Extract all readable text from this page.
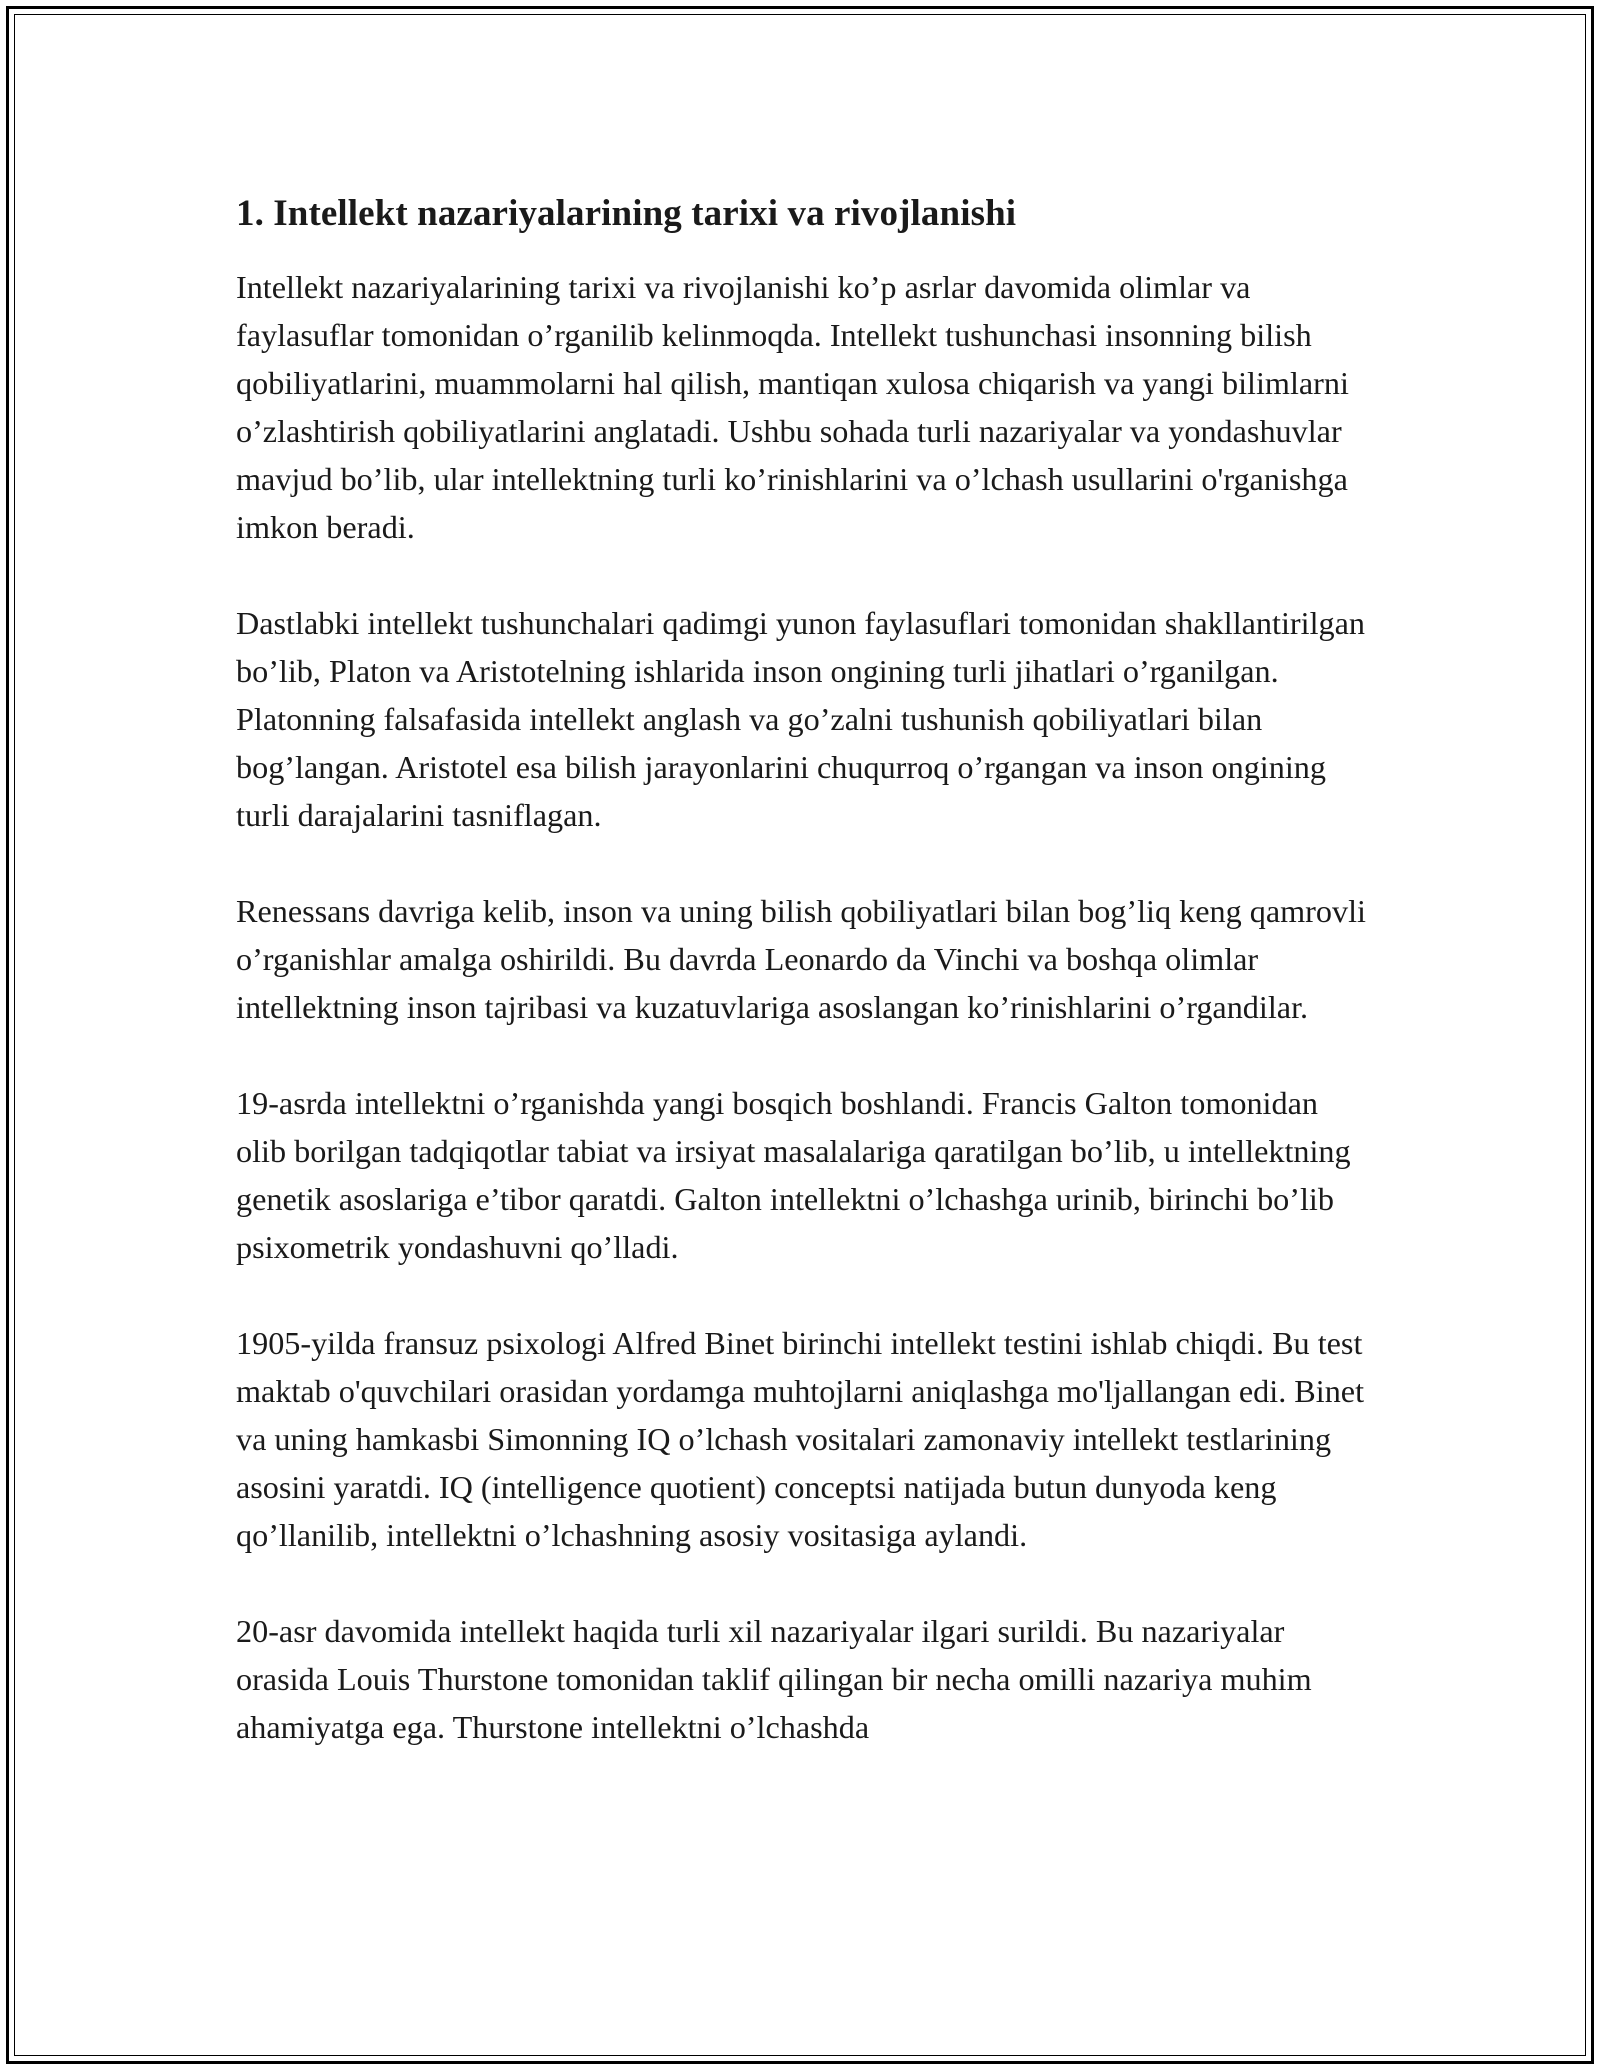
1. Intellekt nazariyalarining tarixi va rivojlanishi

Intellekt nazariyalarining tarixi va rivojlanishi ko’p asrlar davomida olimlar va faylasuflar tomonidan o’rganilib kelinmoqda. Intellekt tushunchasi insonning bilish qobiliyatlarini, muammolarni hal qilish, mantiqan xulosa chiqarish va yangi bilimlarni o’zlashtirish qobiliyatlarini anglatadi. Ushbu sohada turli nazariyalar va yondashuvlar mavjud bo’lib, ular intellektning turli ko’rinishlarini va o’lchash usullarini o'rganishga imkon beradi.

Dastlabki intellekt tushunchalari qadimgi yunon faylasuflari tomonidan shakllantirilgan bo’lib, Platon va Aristotelning ishlarida inson ongining turli jihatlari o’rganilgan. Platonning falsafasida intellekt anglash va go’zalni tushunish qobiliyatlari bilan bog’langan. Aristotel esa bilish jarayonlarini chuqurroq o’rgangan va inson ongining turli darajalarini tasniflagan.

Renessans davriga kelib, inson va uning bilish qobiliyatlari bilan bog’liq keng qamrovli o’rganishlar amalga oshirildi. Bu davrda Leonardo da Vinchi va boshqa olimlar intellektning inson tajribasi va kuzatuvlariga asoslangan ko’rinishlarini o’rgandilar.

19-asrda intellektni o’rganishda yangi bosqich boshlandi. Francis Galton tomonidan olib borilgan tadqiqotlar tabiat va irsiyat masalalariga qaratilgan bo’lib, u intellektning genetik asoslariga e’tibor qaratdi. Galton intellektni o’lchashga urinib, birinchi bo’lib psixometrik yondashuvni qo’lladi.

1905-yilda fransuz psixologi Alfred Binet birinchi intellekt testini ishlab chiqdi. Bu test maktab o'quvchilari orasidan yordamga muhtojlarni aniqlashga mo'ljallangan edi. Binet va uning hamkasbi Simonning IQ o’lchash vositalari zamonaviy intellekt testlarining asosini yaratdi. IQ (intelligence quotient) conceptsi natijada butun dunyoda keng qo’llanilib, intellektni o’lchashning asosiy vositasiga aylandi.

20-asr davomida intellekt haqida turli xil nazariyalar ilgari surildi. Bu nazariyalar orasida Louis Thurstone tomonidan taklif qilingan bir necha omilli nazariya muhim ahamiyatga ega. Thurstone intellektni o’lchashda
